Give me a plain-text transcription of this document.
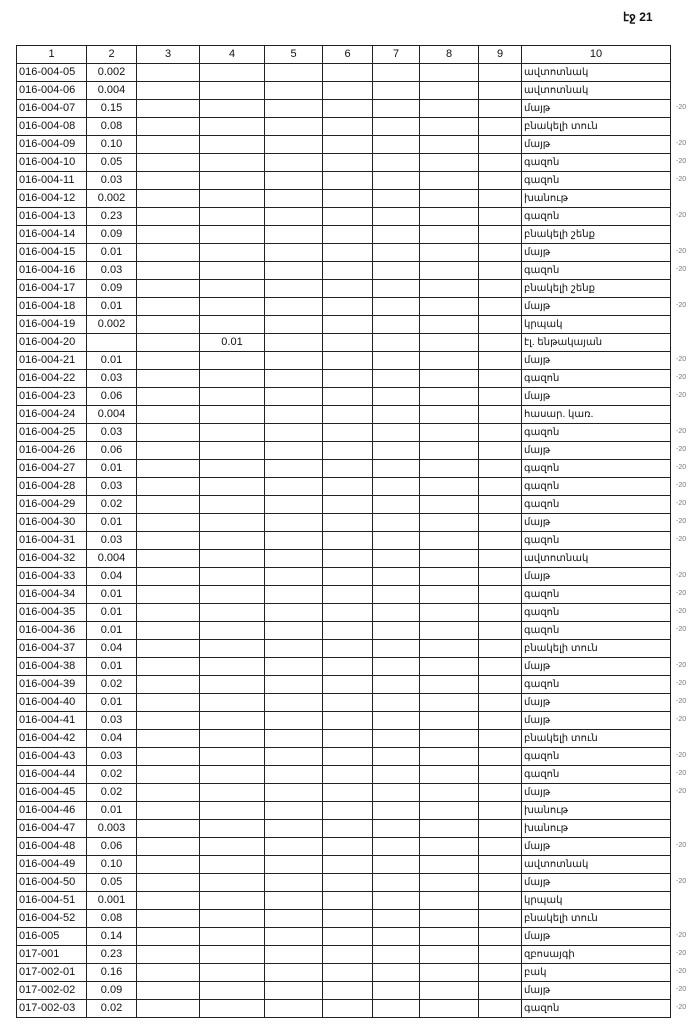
էջ 21
1	2	3	4	5	6	7	8	9	10
016-004-05	0.002								ավտոտնակ
016-004-06	0.004								ավտոտնակ
016-004-07	0.15								մայթ
016-004-08	0.08								բնակելի տուն
016-004-09	0.10								մայթ
016-004-10	0.05								գազոն
016-004-11	0.03								գազոն
016-004-12	0.002								խանութ
016-004-13	0.23								գազոն
016-004-14	0.09								բնակելի շենք
016-004-15	0.01								մայթ
016-004-16	0.03								գազոն
016-004-17	0.09								բնակելի շենք
016-004-18	0.01								մայթ
016-004-19	0.002								կրպակ
016-004-20			0.01						էլ. ենթակայան
016-004-21	0.01								մայթ
016-004-22	0.03								գազոն
016-004-23	0.06								մայթ
016-004-24	0.004								հասար. կառ.
016-004-25	0.03								գազոն
016-004-26	0.06								մայթ
016-004-27	0.01								գազոն
016-004-28	0.03								գազոն
016-004-29	0.02								գազոն
016-004-30	0.01								մայթ
016-004-31	0.03								գազոն
016-004-32	0.004								ավտոտնակ
016-004-33	0.04								մայթ
016-004-34	0.01								գազոն
016-004-35	0.01								գազոն
016-004-36	0.01								գազոն
016-004-37	0.04								բնակելի տուն
016-004-38	0.01								մայթ
016-004-39	0.02								գազոն
016-004-40	0.01								մայթ
016-004-41	0.03								մայթ
016-004-42	0.04								բնակելի տուն
016-004-43	0.03								գազոն
016-004-44	0.02								գազոն
016-004-45	0.02								մայթ
016-004-46	0.01								խանութ
016-004-47	0.003								խանութ
016-004-48	0.06								մայթ
016-004-49	0.10								ավտոտնակ
016-004-50	0.05								մայթ
016-004-51	0.001								կրպակ
016-004-52	0.08								բնակելի տուն
016-005	0.14								մայթ
017-001	0.23								զբոսայգի
017-002-01	0.16								բակ
017-002-02	0.09								մայթ
017-002-03	0.02								գազոն
-20
-20
-20
-20
-20
-20
-20
-20
-20
-20
-20
-20
-20
-20
-20
-20
-20
-20
-20
-20
-20
-20
-20
-20
-20
-20
-20
-20
-20
-20
-20
-20
-20
-20
-20
-20
